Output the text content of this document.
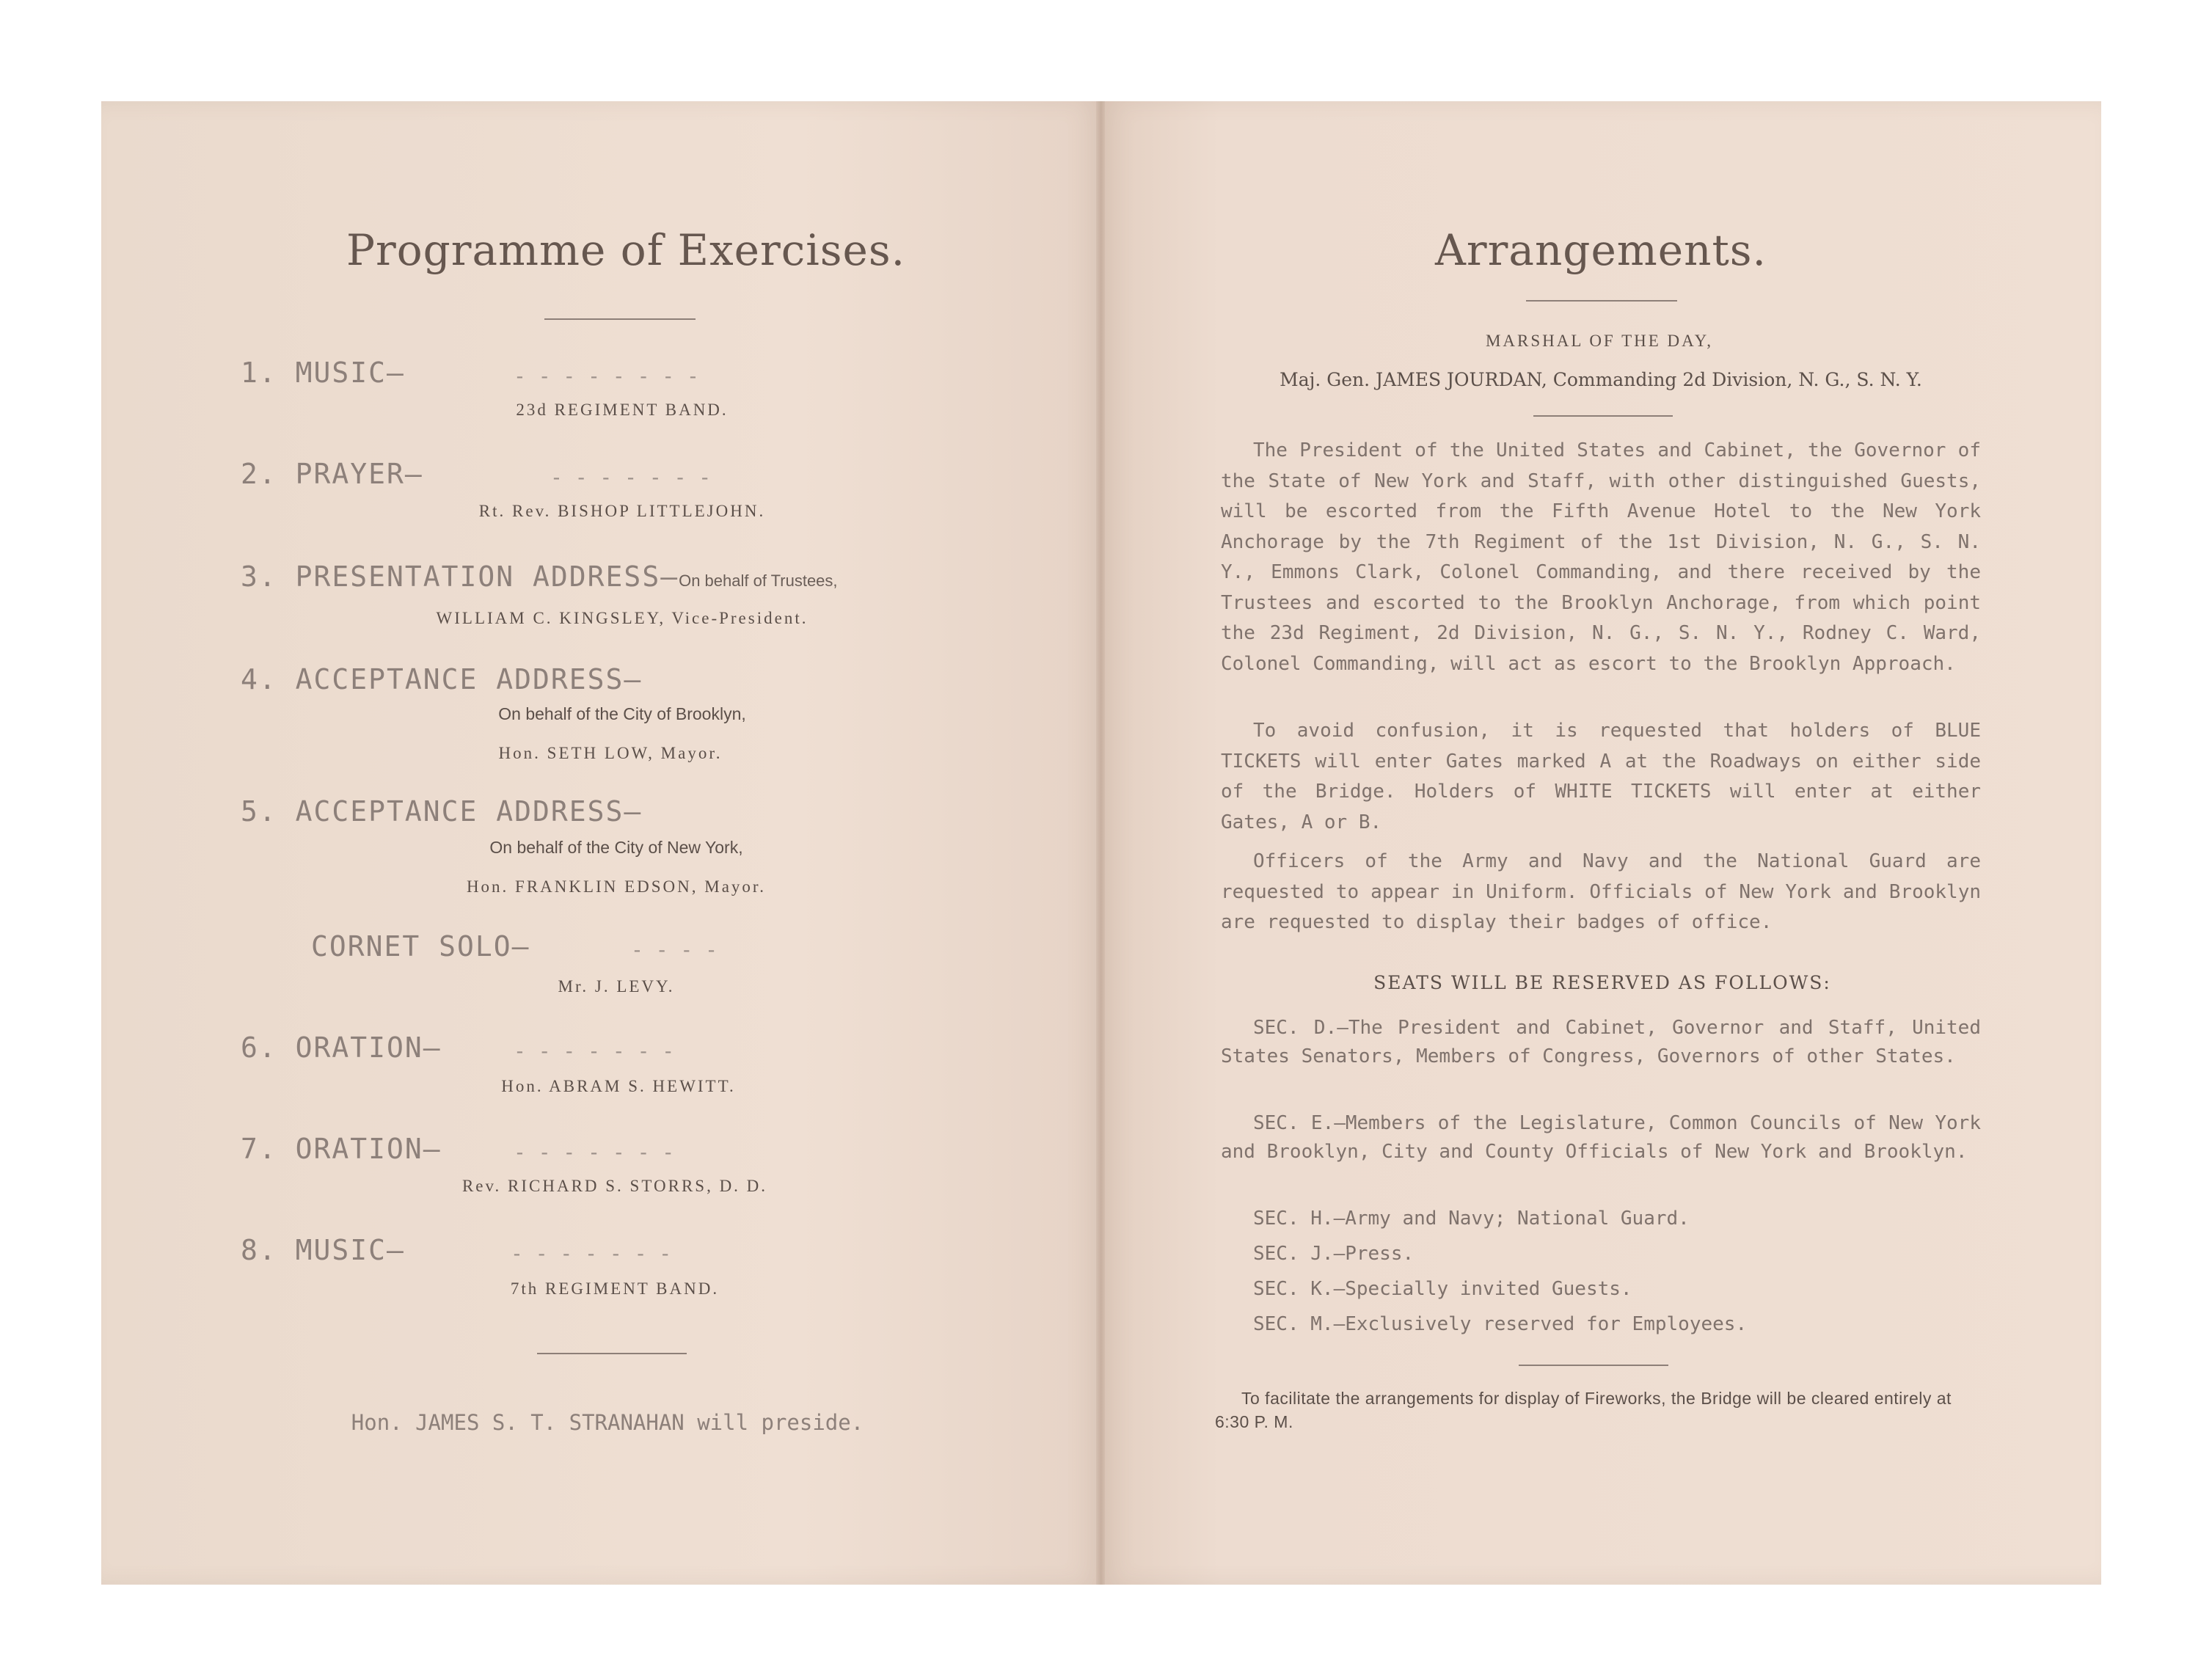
Programme of Exercises.
1. MUSIC—	- - - - - - - -
23d REGIMENT BAND.
2. PRAYER—	- - - - - - -
Rt. Rev. BISHOP LITTLEJOHN.
3. PRESENTATION ADDRESS—On behalf of Trustees,
WILLIAM C. KINGSLEY, Vice-President.
4. ACCEPTANCE ADDRESS—
On behalf of the City of Brooklyn,
Hon. SETH LOW, Mayor.
5. ACCEPTANCE ADDRESS—
On behalf of the City of New York,
Hon. FRANKLIN EDSON, Mayor.
CORNET SOLO—	- - - -
Mr. J. LEVY.
6. ORATION—	- - - - - - -
Hon. ABRAM S. HEWITT.
7. ORATION—	- - - - - - -
Rev. RICHARD S. STORRS, D. D.
8. MUSIC—	- - - - - - -
7th REGIMENT BAND.
Hon. JAMES S. T. STRANAHAN will preside.
Arrangements.
MARSHAL OF THE DAY,
Maj. Gen. JAMES JOURDAN, Commanding 2d Division, N. G., S. N. Y.

The President of the United States and Cabinet, the Governor of the State of New York and Staff, with other distinguished Guests, will be escorted from the Fifth Avenue Hotel to the New York Anchorage by the 7th Regiment of the 1st Division, N. G., S. N. Y., Emmons Clark, Colonel Commanding, and there received by the Trustees and escorted to the Brooklyn Anchorage, from which point the 23d Regiment, 2d Division, N. G., S. N. Y., Rodney C. Ward, Colonel Commanding, will act as escort to the Brooklyn Approach.

To avoid confusion, it is requested that holders of BLUE TICKETS will enter Gates marked A at the Roadways on either side of the Bridge. Holders of WHITE TICKETS will enter at either Gates, A or B.

Officers of the Army and Navy and the National Guard are requested to appear in Uniform. Officials of New York and Brooklyn are requested to display their badges of office.

SEATS WILL BE RESERVED AS FOLLOWS:

SEC. D.—The President and Cabinet, Governor and Staff, United States Senators, Members of Congress, Governors of other States.

SEC. E.—Members of the Legislature, Common Councils of New York and Brooklyn, City and County Officials of New York and Brooklyn.

SEC. H.—Army and Navy; National Guard.

SEC. J.—Press.

SEC. K.—Specially invited Guests.

SEC. M.—Exclusively reserved for Employees.

To facilitate the arrangements for display of Fireworks, the Bridge will be cleared entirely at 6:30 P. M.
